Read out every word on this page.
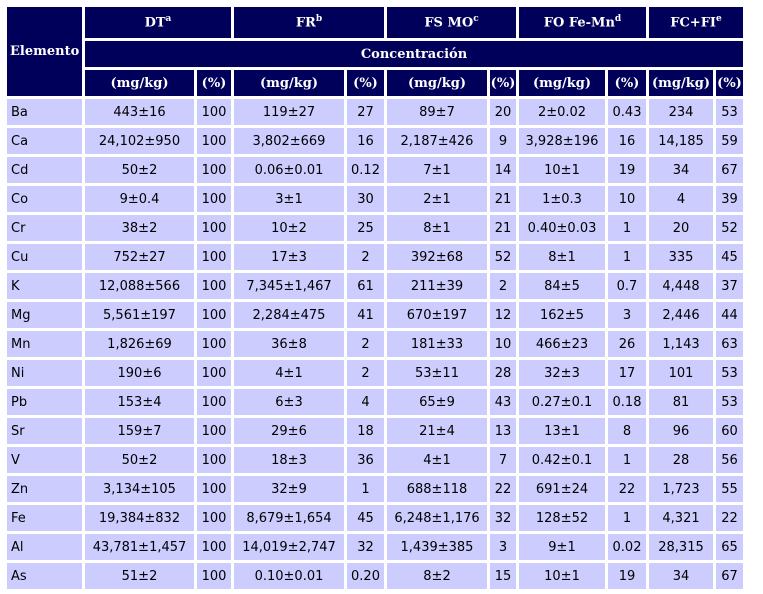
Elemento	$DT^a$		$FR^b$		FS $MO^c$		FO Fe-Mn$^d$		$FC+FI^e$
	Concentración									
	(mg/kg)	(%)	(mg/kg)	(%)	(mg/kg)	(%)	(mg/kg)	(%)	(mg/kg)	(%)
Ba	443±16	100	119±27	27	89±7	20	2±0.02	0.43	234	53
Ca	24,102±950	100	3,802±669	16	2,187±426	9	3,928±196	16	14,185	59
Cd	50±2	100	0.06±0.01	0.12	7±1	14	10±1	19	34	67
Co	9±0.4	100	3±1	30	2±1	21	1±0.3	10	4	39
Cr	38±2	100	10±2	25	8±1	21	0.40±0.03	1	20	52
Cu	752±27	100	17±3	2	392±68	52	8±1	1	335	45
K	12,088±566	100	7,345±1,467	61	211±39	2	84±5	0.7	4,448	37
Mg	5,561±197	100	2,284±475	41	670±197	12	162±5	3	2,446	44
Mn	1,826±69	100	36±8	2	181±33	10	466±23	26	1,143	63
Ni	190±6	100	4±1	2	53±11	28	32±3	17	101	53
Pb	153±4	100	6±3	4	65±9	43	0.27±0.1	0.18	81	53
Sr	159±7	100	29±6	18	21±4	13	13±1	8	96	60
V	50±2	100	18±3	36	4±1	7	0.42±0.1	1	28	56
Zn	3,134±105	100	32±9	1	688±118	22	691±24	22	1,723	55
Fe	19,384±832	100	8,679±1,654	45	6,248±1,176	32	128±52	1	4,321	22
Al	43,781±1,457	100	14,019±2,747	32	1,439±385	3	9±1	0.02	28,315	65
As	51±2	100	0.10±0.01	0.20	8±2	15	10±1	19	34	67
